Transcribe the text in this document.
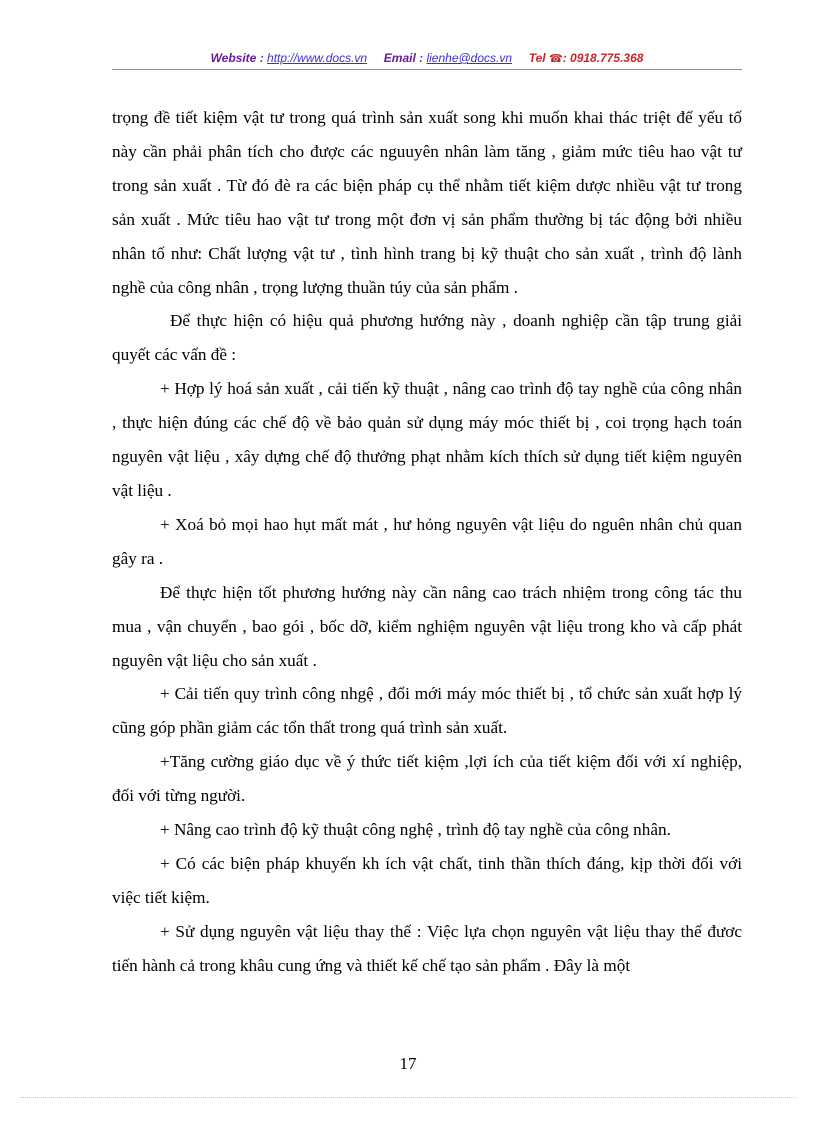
Website : http://www.docs.vn Email : lienhe@docs.vn Tel ☎: 0918.775.368

trọng đề tiết kiệm vật tư trong quá trình sản xuất song khi muốn khai thác triệt để yếu tố này cần phải phân tích cho được các nguuyên nhân làm tăng , giảm mức tiêu hao vật tư trong sản xuất . Từ đó đè ra các biện pháp cụ thể nhằm tiết kiệm dược nhiều vật tư trong sản xuất . Mức tiêu hao vật tư trong một đơn vị sản phẩm thường bị tác động bởi nhiều nhân tố như: Chất lượng vật tư , tình hình trang bị kỹ thuật cho sản xuất , trình độ lành nghề của công nhân , trọng lượng thuần túy của sản phẩm .

Để thực hiện có hiệu quả phương hướng này , doanh nghiệp cần tập trung giải quyết các vấn đề :

+ Hợp lý hoá sản xuất , cải tiến kỹ thuật , nâng cao trình độ tay nghề của công nhân , thực hiện đúng các chế độ về bảo quản sử dụng máy móc thiết bị , coi trọng hạch toán nguyên vật liệu , xây dựng chế độ thưởng phạt nhằm kích thích sử dụng tiết kiệm nguyên vật liệu .

+ Xoá bỏ mọi hao hụt mất mát , hư hỏng nguyên vật liệu do nguên nhân chủ quan gây ra .

Để thực hiện tốt phương hướng này cần nâng cao trách nhiệm trong công tác thu mua , vận chuyển , bao gói , bốc dỡ, kiểm nghiệm nguyên vật liệu trong kho và cấp phát nguyên vật liệu cho sản xuất .

+ Cải tiến quy trình công nhgệ , đổi mới máy móc thiết bị , tổ chức sản xuất hợp lý cũng góp phần giảm các tổn thất trong quá trình sản xuất.

+Tăng cường giáo dục về ý thức tiết kiệm ,lợi ích của tiết kiệm đối với xí nghiệp, đối với từng người.

+ Nâng cao trình độ kỹ thuật công nghệ , trình độ tay nghề của công nhân.

+ Có các biện pháp khuyến kh ích vật chất, tinh thần thích đáng, kịp thời đối với việc tiết kiệm.

+ Sử dụng nguyên vật liệu thay thế : Việc lựa chọn nguyên vật liệu thay thế đươc tiến hành cả trong khâu cung ứng và thiết kế chế tạo sản phẩm . Đây là một

17
